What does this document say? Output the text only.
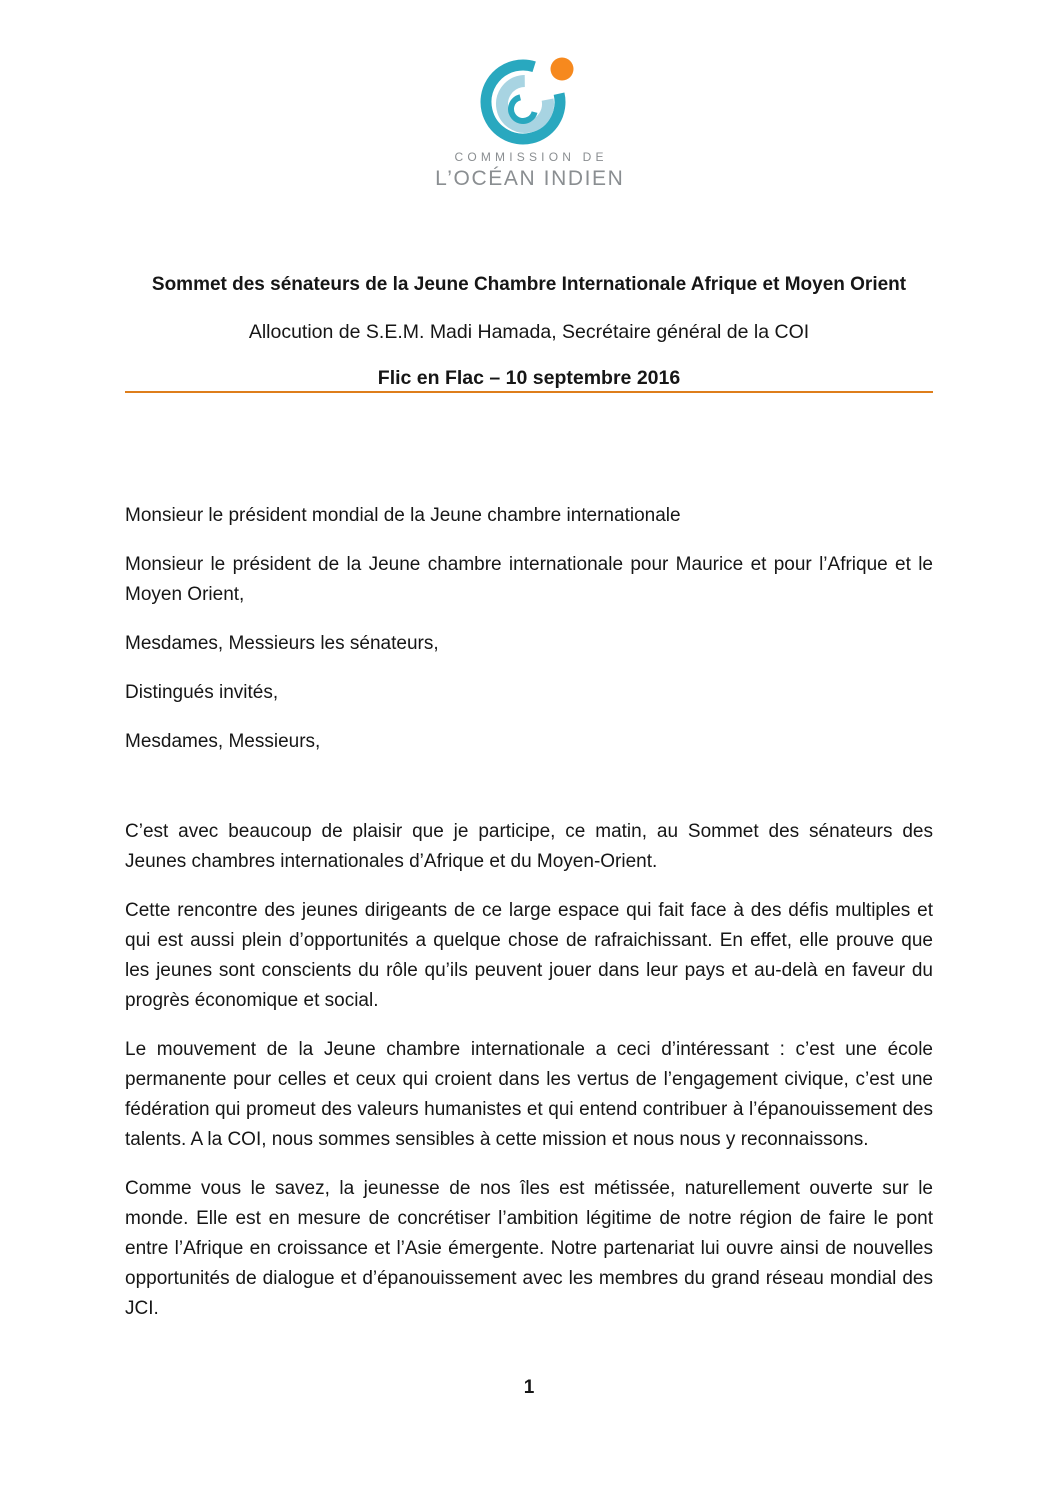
COMMISSION DE
L’OCÉAN INDIEN
Sommet des sénateurs de la Jeune Chambre Internationale Afrique et Moyen Orient
Allocution de S.E.M. Madi Hamada, Secrétaire général de la COI
Flic en Flac – 10 septembre 2016

Monsieur le président mondial de la Jeune chambre internationale

Monsieur le président de la Jeune chambre internationale pour Maurice et pour l’Afrique et le Moyen Orient,

Mesdames, Messieurs les sénateurs,

Distingués invités,

Mesdames, Messieurs,

C’est avec beaucoup de plaisir que je participe, ce matin, au Sommet des sénateurs des Jeunes chambres internationales d’Afrique et du Moyen-Orient.

Cette rencontre des jeunes dirigeants de ce large espace qui fait face à des défis multiples et qui est aussi plein d’opportunités a quelque chose de rafraichissant. En effet, elle prouve que les jeunes sont conscients du rôle qu’ils peuvent jouer dans leur pays et au-delà en faveur du progrès économique et social.

Le mouvement de la Jeune chambre internationale a ceci d’intéressant : c’est une école permanente pour celles et ceux qui croient dans les vertus de l’engagement civique, c’est une fédération qui promeut des valeurs humanistes et qui entend contribuer à l’épanouissement des talents. A la COI, nous sommes sensibles à cette mission et nous nous y reconnaissons.

Comme vous le savez, la jeunesse de nos îles est métissée, naturellement ouverte sur le monde. Elle est en mesure de concrétiser l’ambition légitime de notre région de faire le pont entre l’Afrique en croissance et l’Asie émergente. Notre partenariat lui ouvre ainsi de nouvelles opportunités de dialogue et d’épanouissement avec les membres du grand réseau mondial des JCI.

1
